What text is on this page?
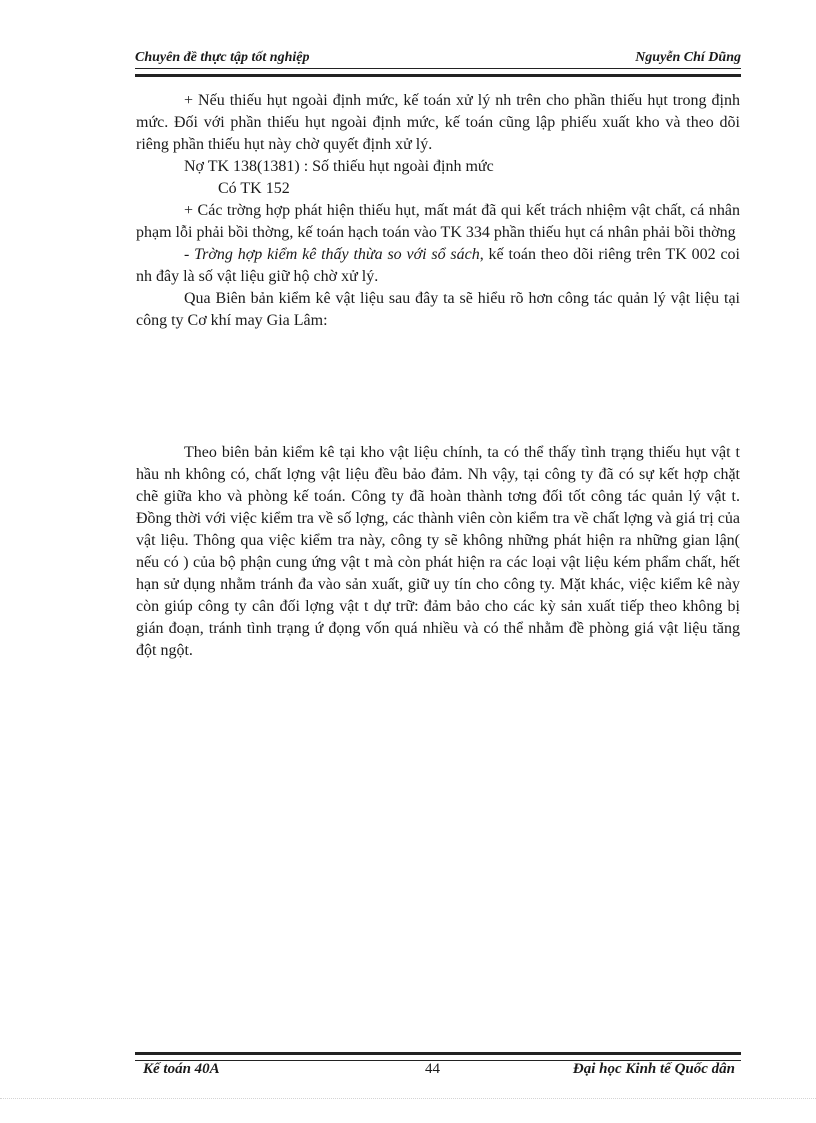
Chuyên đề thực tập tốt nghiệp	Nguyễn Chí Dũng

+ Nếu thiếu hụt ngoài định mức, kế toán xử lý nh trên cho phần thiếu hụt trong định mức. Đối với phần thiếu hụt ngoài định mức, kế toán cũng lập phiếu xuất kho và theo dõi riêng phần thiếu hụt này chờ quyết định xử lý.

Nợ TK 138(1381) : Số thiếu hụt ngoài định mức

Có TK 152

+ Các trờng hợp phát hiện thiếu hụt, mất mát đã qui kết trách nhiệm vật chất, cá nhân phạm lỗi phải bồi thờng, kế toán hạch toán vào TK 334 phần thiếu hụt cá nhân phải bồi thờng

- Trờng hợp kiểm kê thấy thừa so với sổ sách, kế toán theo dõi riêng trên TK 002 coi nh đây là số vật liệu giữ hộ chờ xử lý.

Qua Biên bản kiểm kê vật liệu sau đây ta sẽ hiểu rõ hơn công tác quản lý vật liệu tại công ty Cơ khí may Gia Lâm:

Theo biên bản kiểm kê tại kho vật liệu chính, ta có thể thấy tình trạng thiếu hụt vật t hầu nh không có, chất lợng vật liệu đều bảo đảm. Nh vậy, tại công ty đã có sự kết hợp chặt chẽ giữa kho và phòng kế toán. Công ty đã hoàn thành tơng đối tốt công tác quản lý vật t. Đồng thời với việc kiểm tra về số lợng, các thành viên còn kiểm tra về chất lợng và giá trị của vật liệu. Thông qua việc kiểm tra này, công ty sẽ không những phát hiện ra những gian lận( nếu có ) của bộ phận cung ứng vật t mà còn phát hiện ra các loại vật liệu kém phẩm chất, hết hạn sử dụng nhằm tránh đa vào sản xuất, giữ uy tín cho công ty. Mặt khác, việc kiểm kê này còn giúp công ty cân đối lợng vật t dự trữ: đảm bảo cho các kỳ sản xuất tiếp theo không bị gián đoạn, tránh tình trạng ứ đọng vốn quá nhiều và có thể nhằm đề phòng giá vật liệu tăng đột ngột.

Kế toán 40A	44	Đại học Kinh tế Quốc dân
